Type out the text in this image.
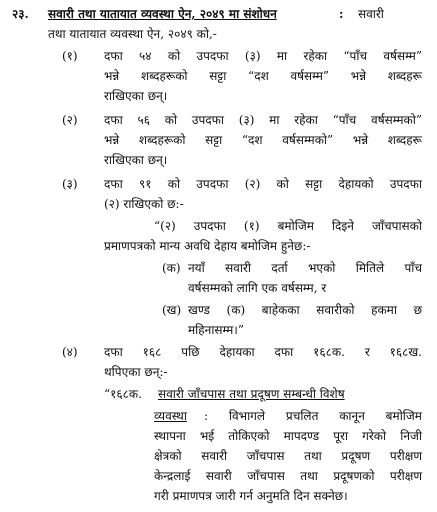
२३. सवारी तथा यातायात व्यवस्था ऐन, २०४९ मा संशोधन	: सवारी
तथा यातायात व्यवस्था ऐन, २०४९ को,-
(१) दफा ५४ को उपदफा (३) मा रहेका “पाँच वर्षसम्म”
भन्ने शब्दहरूको सट्टा “दश वर्षसम्म” भन्ने शब्दहरू
राखिएका छन्।
(२) दफा ५६ को उपदफा (३) मा रहेका “पाँच वर्षसम्मको”
भन्ने शब्दहरूको सट्टा “दश वर्षसम्मको” भन्ने शब्दहरू
राखिएका छन्।
(३) दफा ९१ को उपदफा (२) को सट्टा देहायको उपदफा
(२) राखिएको छ:-
“(२) उपदफा (१) बमोजिम दिइने जाँचपासको
प्रमाणपत्रको मान्य अवधि देहाय बमोजिम हुनेछ:-
(क) नयाँ सवारी दर्ता भएको मितिले पाँच
वर्षसम्मको लागि एक वर्षसम्म, र
(ख) खण्ड (क) बाहेकका सवारीको हकमा छ
महिनासम्म।”
(४) दफा १६८ पछि देहायका दफा १६८क. र १६८ख.
थपिएका छन्:-
“१६८क. सवारी जाँचपास तथा प्रदूषण सम्बन्धी विशेष
व्यवस्था : विभागले प्रचलित कानून बमोजिम
स्थापना भई तोकिएको मापदण्ड पूरा गरेको निजी
क्षेत्रको सवारी जाँचपास तथा प्रदूषण परीक्षण
केन्द्रलाई सवारी जाँचपास तथा प्रदूषणको परीक्षण
गरी प्रमाणपत्र जारी गर्न अनुमति दिन सक्नेछ।
